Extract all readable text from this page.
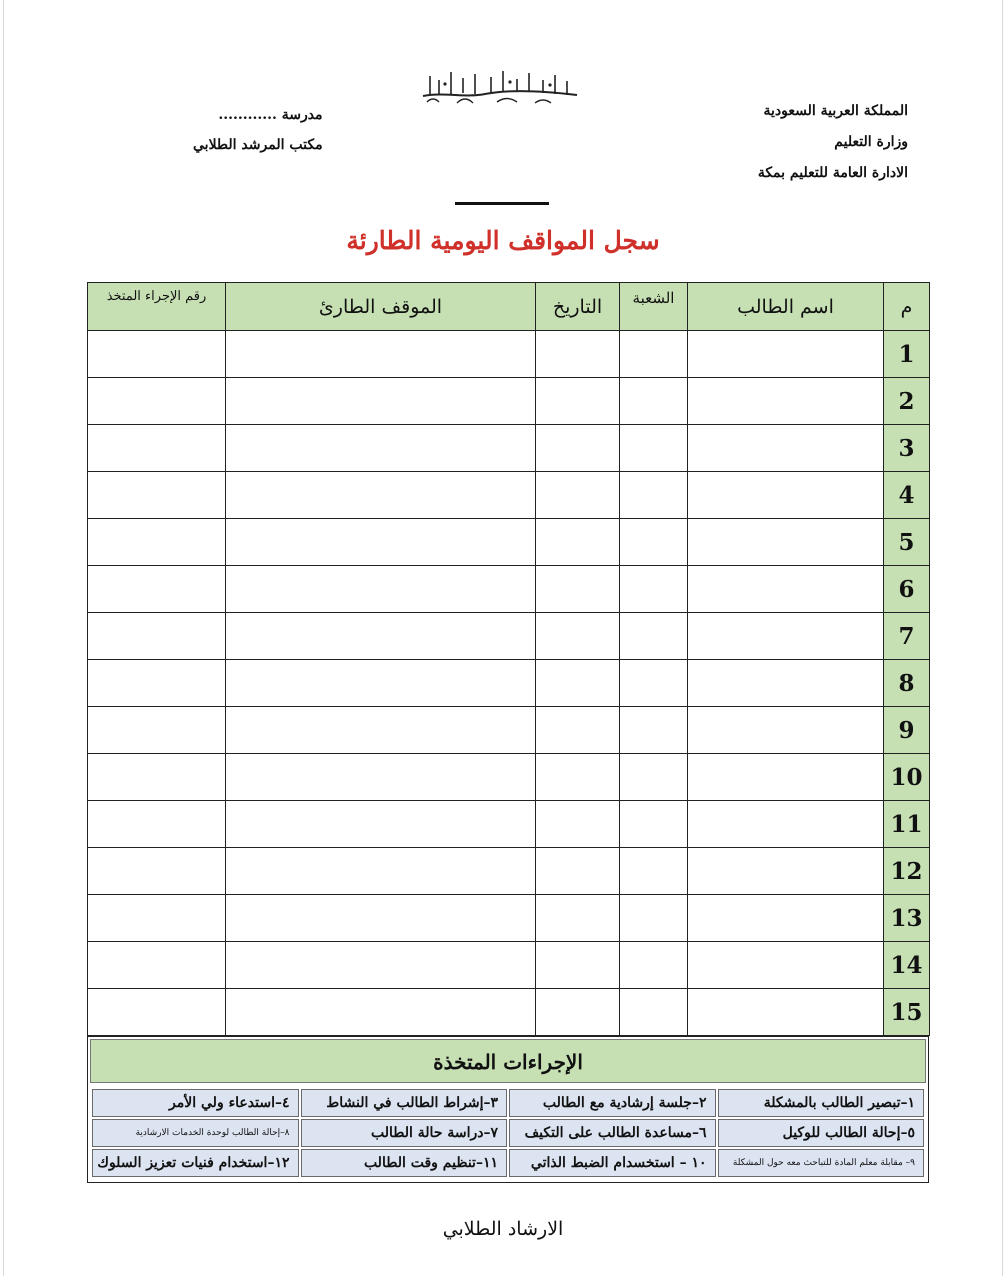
المملكة العربية السعودية
وزارة التعليم
الادارة العامة للتعليم بمكة
مدرسة ............
مكتب المرشد الطلابي
سجل المواقف اليومية الطارئة
م	اسم الطالب	الشعبة	التاريخ	الموقف الطارئ	رقم الإجراء المتخذ
1					
2					
3					
4					
5					
6					
7					
8					
9					
10					
11					
12					
13					
14					
15					
الإجراءات المتخذة
١–تبصير الطالب بالمشكلة	٢–جلسة إرشادية مع الطالب	٣–إشراط الطالب في النشاط	٤–استدعاء ولي الأمر
٥–إحالة الطالب للوكيل	٦–مساعدة الطالب على التكيف	٧–دراسة حالة الطالب	٨–إحالة الطالب لوحدة الخدمات الارشادية
٩– مقابلة معلم المادة للتباحث معه حول المشكلة	١٠ – استخسدام الضبط الذاتي	١١–تنظيم وقت الطالب	١٢–استخدام فنيات تعزيز السلوك
الارشاد الطلابي
